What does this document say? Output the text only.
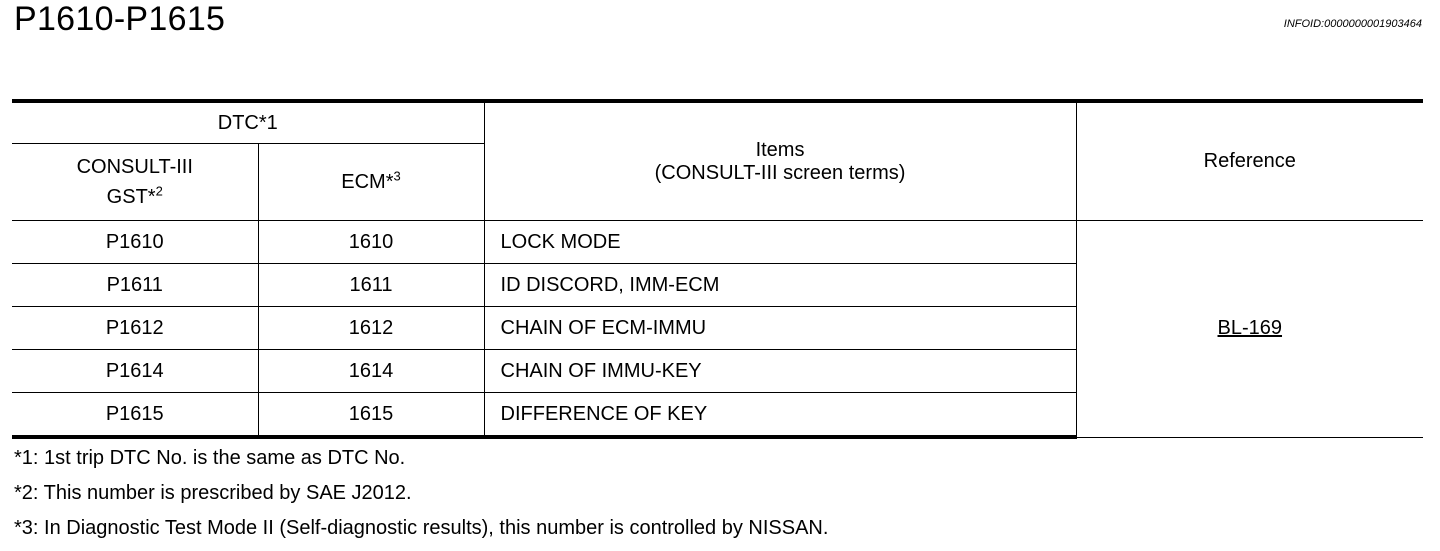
P1610-P1615	INFOID:0000000001903464
DTC*1		Items
(CONSULT-III screen terms)	Reference

CONSULT-III
GST*$^2$	ECM*$^3$
P1610	1610	LOCK MODE	BL-169
P1611	1611	ID DISCORD, IMM-ECM	
P1612	1612	CHAIN OF ECM-IMMU	
P1614	1614	CHAIN OF IMMU-KEY	
P1615	1615	DIFFERENCE OF KEY	
*1: 1st trip DTC No. is the same as DTC No.
*2: This number is prescribed by SAE J2012.
*3: In Diagnostic Test Mode II (Self-diagnostic results), this number is controlled by NISSAN.
